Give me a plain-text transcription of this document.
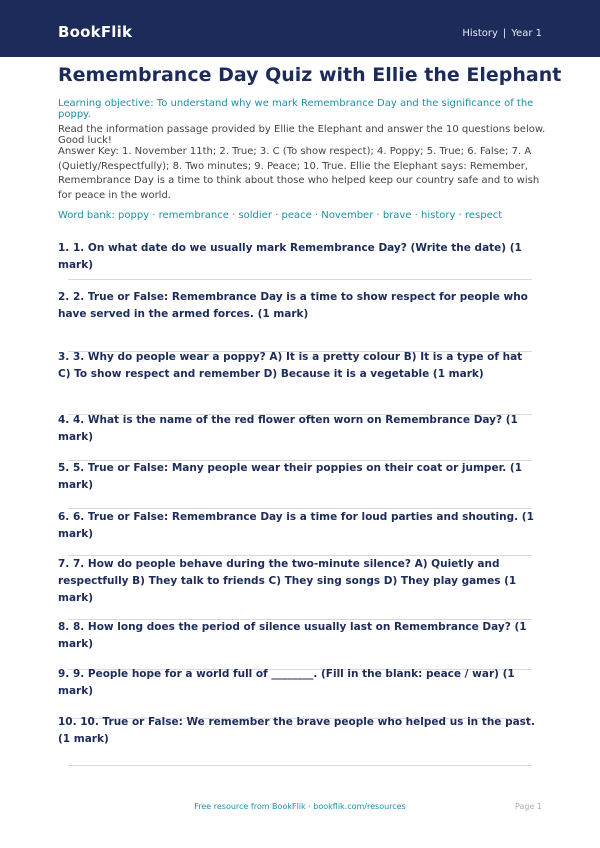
BookFlik	History | Year 1
Remembrance Day Quiz with Ellie the Elephant
Learning objective: To understand why we mark Remembrance Day and the significance of the poppy.
Read the information passage provided by Ellie the Elephant and answer the 10 questions below. Good luck!
Answer Key: 1. November 11th; 2. True; 3. C (To show respect); 4. Poppy; 5. True; 6. False; 7. A (Quietly/Respectfully); 8. Two minutes; 9. Peace; 10. True. Ellie the Elephant says: Remember, Remembrance Day is a time to think about those who helped keep our country safe and to wish for peace in the world.
Word bank: poppy · remembrance · soldier · peace · November · brave · history · respect
1. 1. On what date do we usually mark Remembrance Day? (Write the date) (1 mark)
2. 2. True or False: Remembrance Day is a time to show respect for people who have served in the armed forces. (1 mark)
3. 3. Why do people wear a poppy? A) It is a pretty colour B) It is a type of hat C) To show respect and remember D) Because it is a vegetable (1 mark)
4. 4. What is the name of the red flower often worn on Remembrance Day? (1 mark)
5. 5. True or False: Many people wear their poppies on their coat or jumper. (1 mark)
6. 6. True or False: Remembrance Day is a time for loud parties and shouting. (1 mark)
7. 7. How do people behave during the two-minute silence? A) Quietly and respectfully B) They talk to friends C) They sing songs D) They play games (1 mark)
8. 8. How long does the period of silence usually last on Remembrance Day? (1 mark)
9. 9. People hope for a world full of ________. (Fill in the blank: peace / war) (1 mark)
10. 10. True or False: We remember the brave people who helped us in the past. (1 mark)
Free resource from BookFlik · bookflik.com/resources	Page 1
